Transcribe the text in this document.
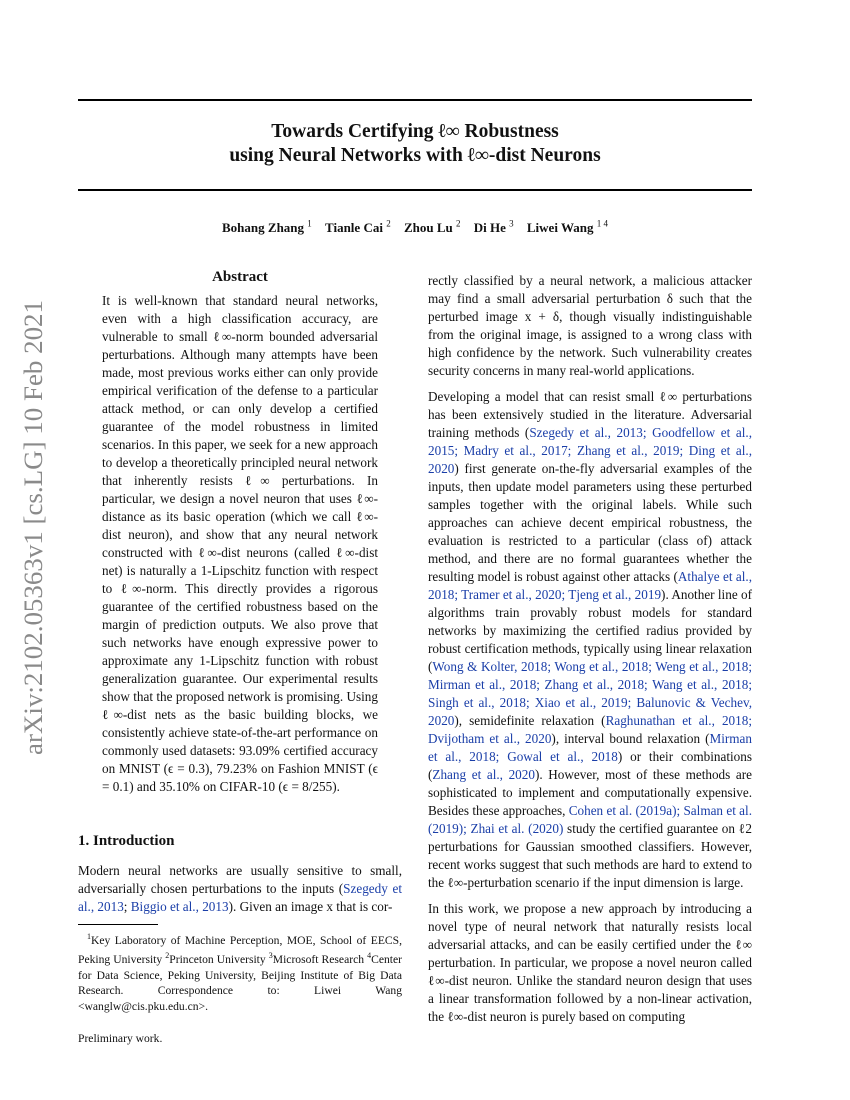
Towards Certifying ℓ∞ Robustness
using Neural Networks with ℓ∞-dist Neurons
Bohang Zhang $^1$ Tianle Cai $^2$ Zhou Lu $^2$ Di He $^3$ Liwei Wang $^{1 4}$
arXiv:2102.05363v1 [cs.LG] 10 Feb 2021
Abstract
It is well-known that standard neural networks, even with a high classification accuracy, are vulnerable to small ℓ∞-norm bounded adversarial perturbations. Although many attempts have been made, most previous works either can only provide empirical verification of the defense to a particular attack method, or can only develop a certified guarantee of the model robustness in limited scenarios. In this paper, we seek for a new approach to develop a theoretically principled neural network that inherently resists ℓ∞ perturbations. In particular, we design a novel neuron that uses ℓ∞-distance as its basic operation (which we call ℓ∞-dist neuron), and show that any neural network constructed with ℓ∞-dist neurons (called ℓ∞-dist net) is naturally a 1-Lipschitz function with respect to ℓ∞-norm. This directly provides a rigorous guarantee of the certified robustness based on the margin of prediction outputs. We also prove that such networks have enough expressive power to approximate any 1-Lipschitz function with robust generalization guarantee. Our experimental results show that the proposed network is promising. Using ℓ∞-dist nets as the basic building blocks, we consistently achieve state-of-the-art performance on commonly used datasets: 93.09% certified accuracy on MNIST (ϵ = 0.3), 79.23% on Fashion MNIST (ϵ = 0.1) and 35.10% on CIFAR-10 (ϵ = 8/255).
1. Introduction
Modern neural networks are usually sensitive to small, adversarially chosen perturbations to the inputs (Szegedy et al., 2013; Biggio et al., 2013). Given an image x that is cor-
$^1$Key Laboratory of Machine Perception, MOE, School of EECS, Peking University $^2$Princeton University $^3$Microsoft Research $^4$Center for Data Science, Peking University, Beijing Institute of Big Data Research. Correspondence to: Liwei Wang <wanglw@cis.pku.edu.cn>.
Preliminary work.

rectly classified by a neural network, a malicious attacker may find a small adversarial perturbation δ such that the perturbed image x + δ, though visually indistinguishable from the original image, is assigned to a wrong class with high confidence by the network. Such vulnerability creates security concerns in many real-world applications.

Developing a model that can resist small ℓ∞ perturbations has been extensively studied in the literature. Adversarial training methods (Szegedy et al., 2013; Goodfellow et al., 2015; Madry et al., 2017; Zhang et al., 2019; Ding et al., 2020) first generate on-the-fly adversarial examples of the inputs, then update model parameters using these perturbed samples together with the original labels. While such approaches can achieve decent empirical robustness, the evaluation is restricted to a particular (class of) attack method, and there are no formal guarantees whether the resulting model is robust against other attacks (Athalye et al., 2018; Tramer et al., 2020; Tjeng et al., 2019). Another line of algorithms train provably robust models for standard networks by maximizing the certified radius provided by robust certification methods, typically using linear relaxation (Wong & Kolter, 2018; Wong et al., 2018; Weng et al., 2018; Mirman et al., 2018; Zhang et al., 2018; Wang et al., 2018; Singh et al., 2018; Xiao et al., 2019; Balunovic & Vechev, 2020), semidefinite relaxation (Raghunathan et al., 2018; Dvijotham et al., 2020), interval bound relaxation (Mirman et al., 2018; Gowal et al., 2018) or their combinations (Zhang et al., 2020). However, most of these methods are sophisticated to implement and computationally expensive. Besides these approaches, Cohen et al. (2019a); Salman et al. (2019); Zhai et al. (2020) study the certified guarantee on ℓ2 perturbations for Gaussian smoothed classifiers. However, recent works suggest that such methods are hard to extend to the ℓ∞-perturbation scenario if the input dimension is large.

In this work, we propose a new approach by introducing a novel type of neural network that naturally resists local adversarial attacks, and can be easily certified under the ℓ∞ perturbation. In particular, we propose a novel neuron called ℓ∞-dist neuron. Unlike the standard neuron design that uses a linear transformation followed by a non-linear activation, the ℓ∞-dist neuron is purely based on computing
